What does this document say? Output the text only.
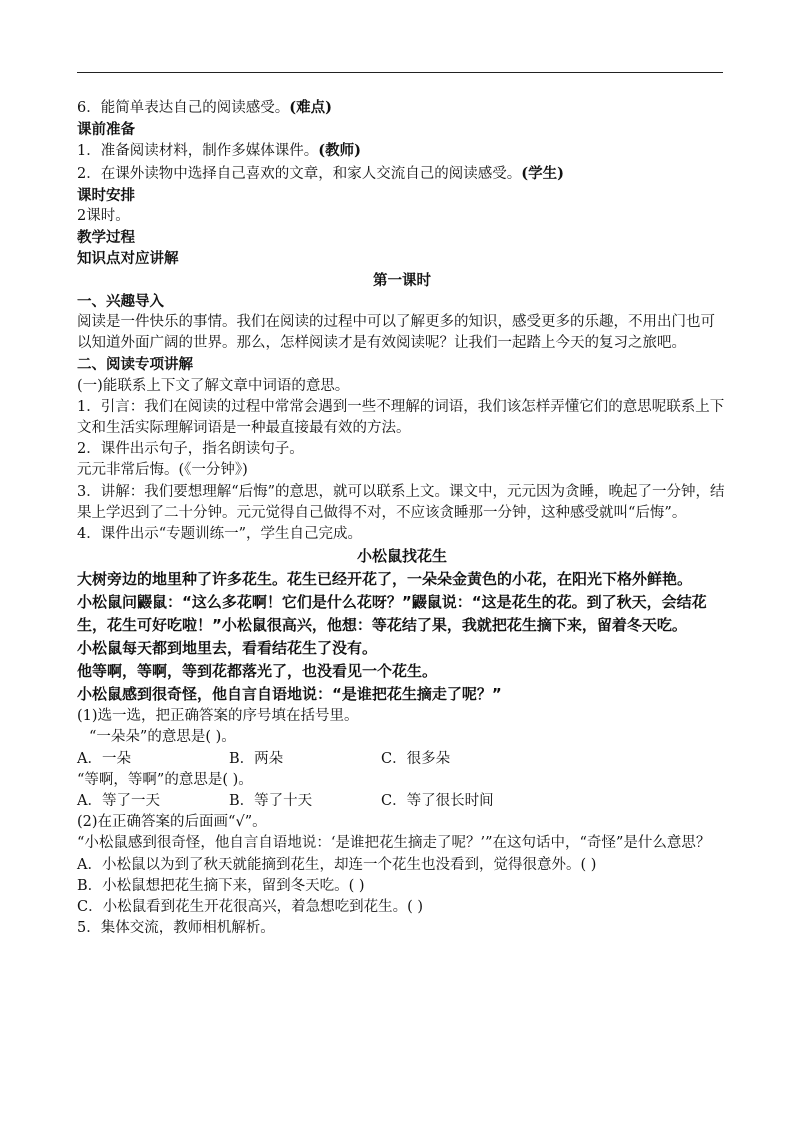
6．能简单表达自己的阅读感受。(难点)
课前准备
1．准备阅读材料，制作多媒体课件。(教师)
2．在课外读物中选择自己喜欢的文章，和家人交流自己的阅读感受。(学生)
课时安排
2课时。
教学过程
知识点对应讲解
第一课时
一、兴趣导入
阅读是一件快乐的事情。我们在阅读的过程中可以了解更多的知识，感受更多的乐趣，不用出门也可以知道外面广阔的世界。那么，怎样阅读才是有效阅读呢？让我们一起踏上今天的复习之旅吧。
二、阅读专项讲解
(一)能联系上下文了解文章中词语的意思。
1．引言：我们在阅读的过程中常常会遇到一些不理解的词语，我们该怎样弄懂它们的意思呢联系上下文和生活实际理解词语是一种最直接最有效的方法。
2．课件出示句子，指名朗读句子。
元元非常后悔。(《一分钟》)
3．讲解：我们要想理解“后悔”的意思，就可以联系上文。课文中，元元因为贪睡，晚起了一分钟，结果上学迟到了二十分钟。元元觉得自己做得不对，不应该贪睡那一分钟，这种感受就叫“后悔”。
4．课件出示“专题训练一”，学生自己完成。
小松鼠找花生
大树旁边的地里种了许多花生。花生已经开花了，一朵朵金黄色的小花，在阳光下格外鲜艳。
小松鼠问鼹鼠：“这么多花啊！它们是什么花呀？”鼹鼠说：“这是花生的花。到了秋天，会结花生，花生可好吃啦！”小松鼠很高兴，他想：等花结了果，我就把花生摘下来，留着冬天吃。
小松鼠每天都到地里去，看看结花生了没有。
他等啊，等啊，等到花都落光了，也没看见一个花生。
小松鼠感到很奇怪，他自言自语地说：“是谁把花生摘走了呢？”
(1)选一选，把正确答案的序号填在括号里。
“一朵朵”的意思是( )。
A．一朵	B．两朵	C．很多朵
“等啊，等啊”的意思是( )。
A．等了一天	B．等了十天	C．等了很长时间
(2)在正确答案的后面画“√”。
“小松鼠感到很奇怪，他自言自语地说：‘是谁把花生摘走了呢？’”在这句话中，“奇怪”是什么意思？
A．小松鼠以为到了秋天就能摘到花生，却连一个花生也没看到，觉得很意外。( )
B．小松鼠想把花生摘下来，留到冬天吃。( )
C．小松鼠看到花生开花很高兴，着急想吃到花生。( )
5．集体交流，教师相机解析。
